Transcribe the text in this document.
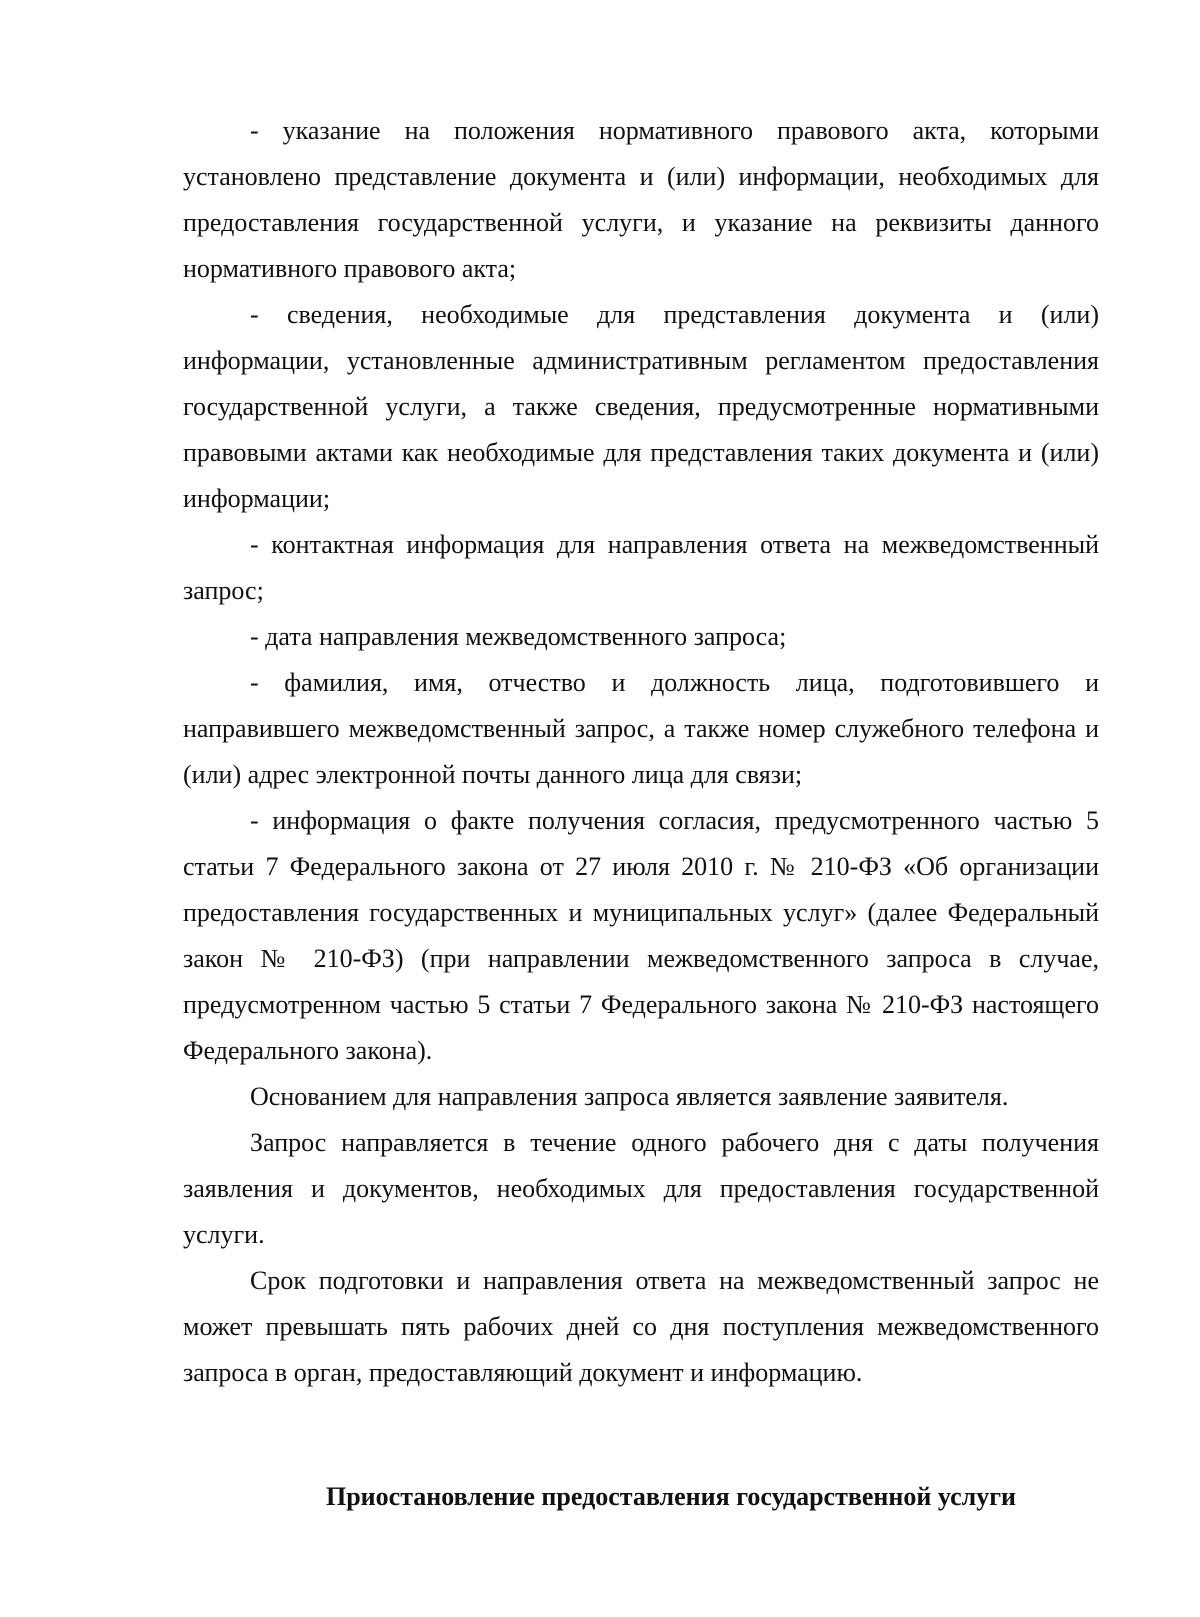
- указание на положения нормативного правового акта, которыми установлено представление документа и (или) информации, необходимых для предоставления государственной услуги, и указание на реквизиты данного нормативного правового акта;

- сведения, необходимые для представления документа и (или) информации, установленные административным регламентом предоставления государственной услуги, а также сведения, предусмотренные нормативными правовыми актами как необходимые для представления таких документа и (или) информации;

- контактная информация для направления ответа на межведомственный запрос;

- дата направления межведомственного запроса;

- фамилия, имя, отчество и должность лица, подготовившего и направившего межведомственный запрос, а также номер служебного телефона и (или) адрес электронной почты данного лица для связи;

- информация о факте получения согласия, предусмотренного частью 5 статьи 7 Федерального закона от 27 июля 2010 г. № 210-ФЗ «Об организации предоставления государственных и муниципальных услуг» (далее Федеральный закон № 210-ФЗ) (при направлении межведомственного запроса в случае, предусмотренном частью 5 статьи 7 Федерального закона № 210-ФЗ настоящего Федерального закона).

Основанием для направления запроса является заявление заявителя.

Запрос направляется в течение одного рабочего дня с даты получения заявления и документов, необходимых для предоставления государственной услуги.

Срок подготовки и направления ответа на межведомственный запрос не может превышать пять рабочих дней со дня поступления межведомственного запроса в орган, предоставляющий документ и информацию.

Приостановление предоставления государственной услуги
